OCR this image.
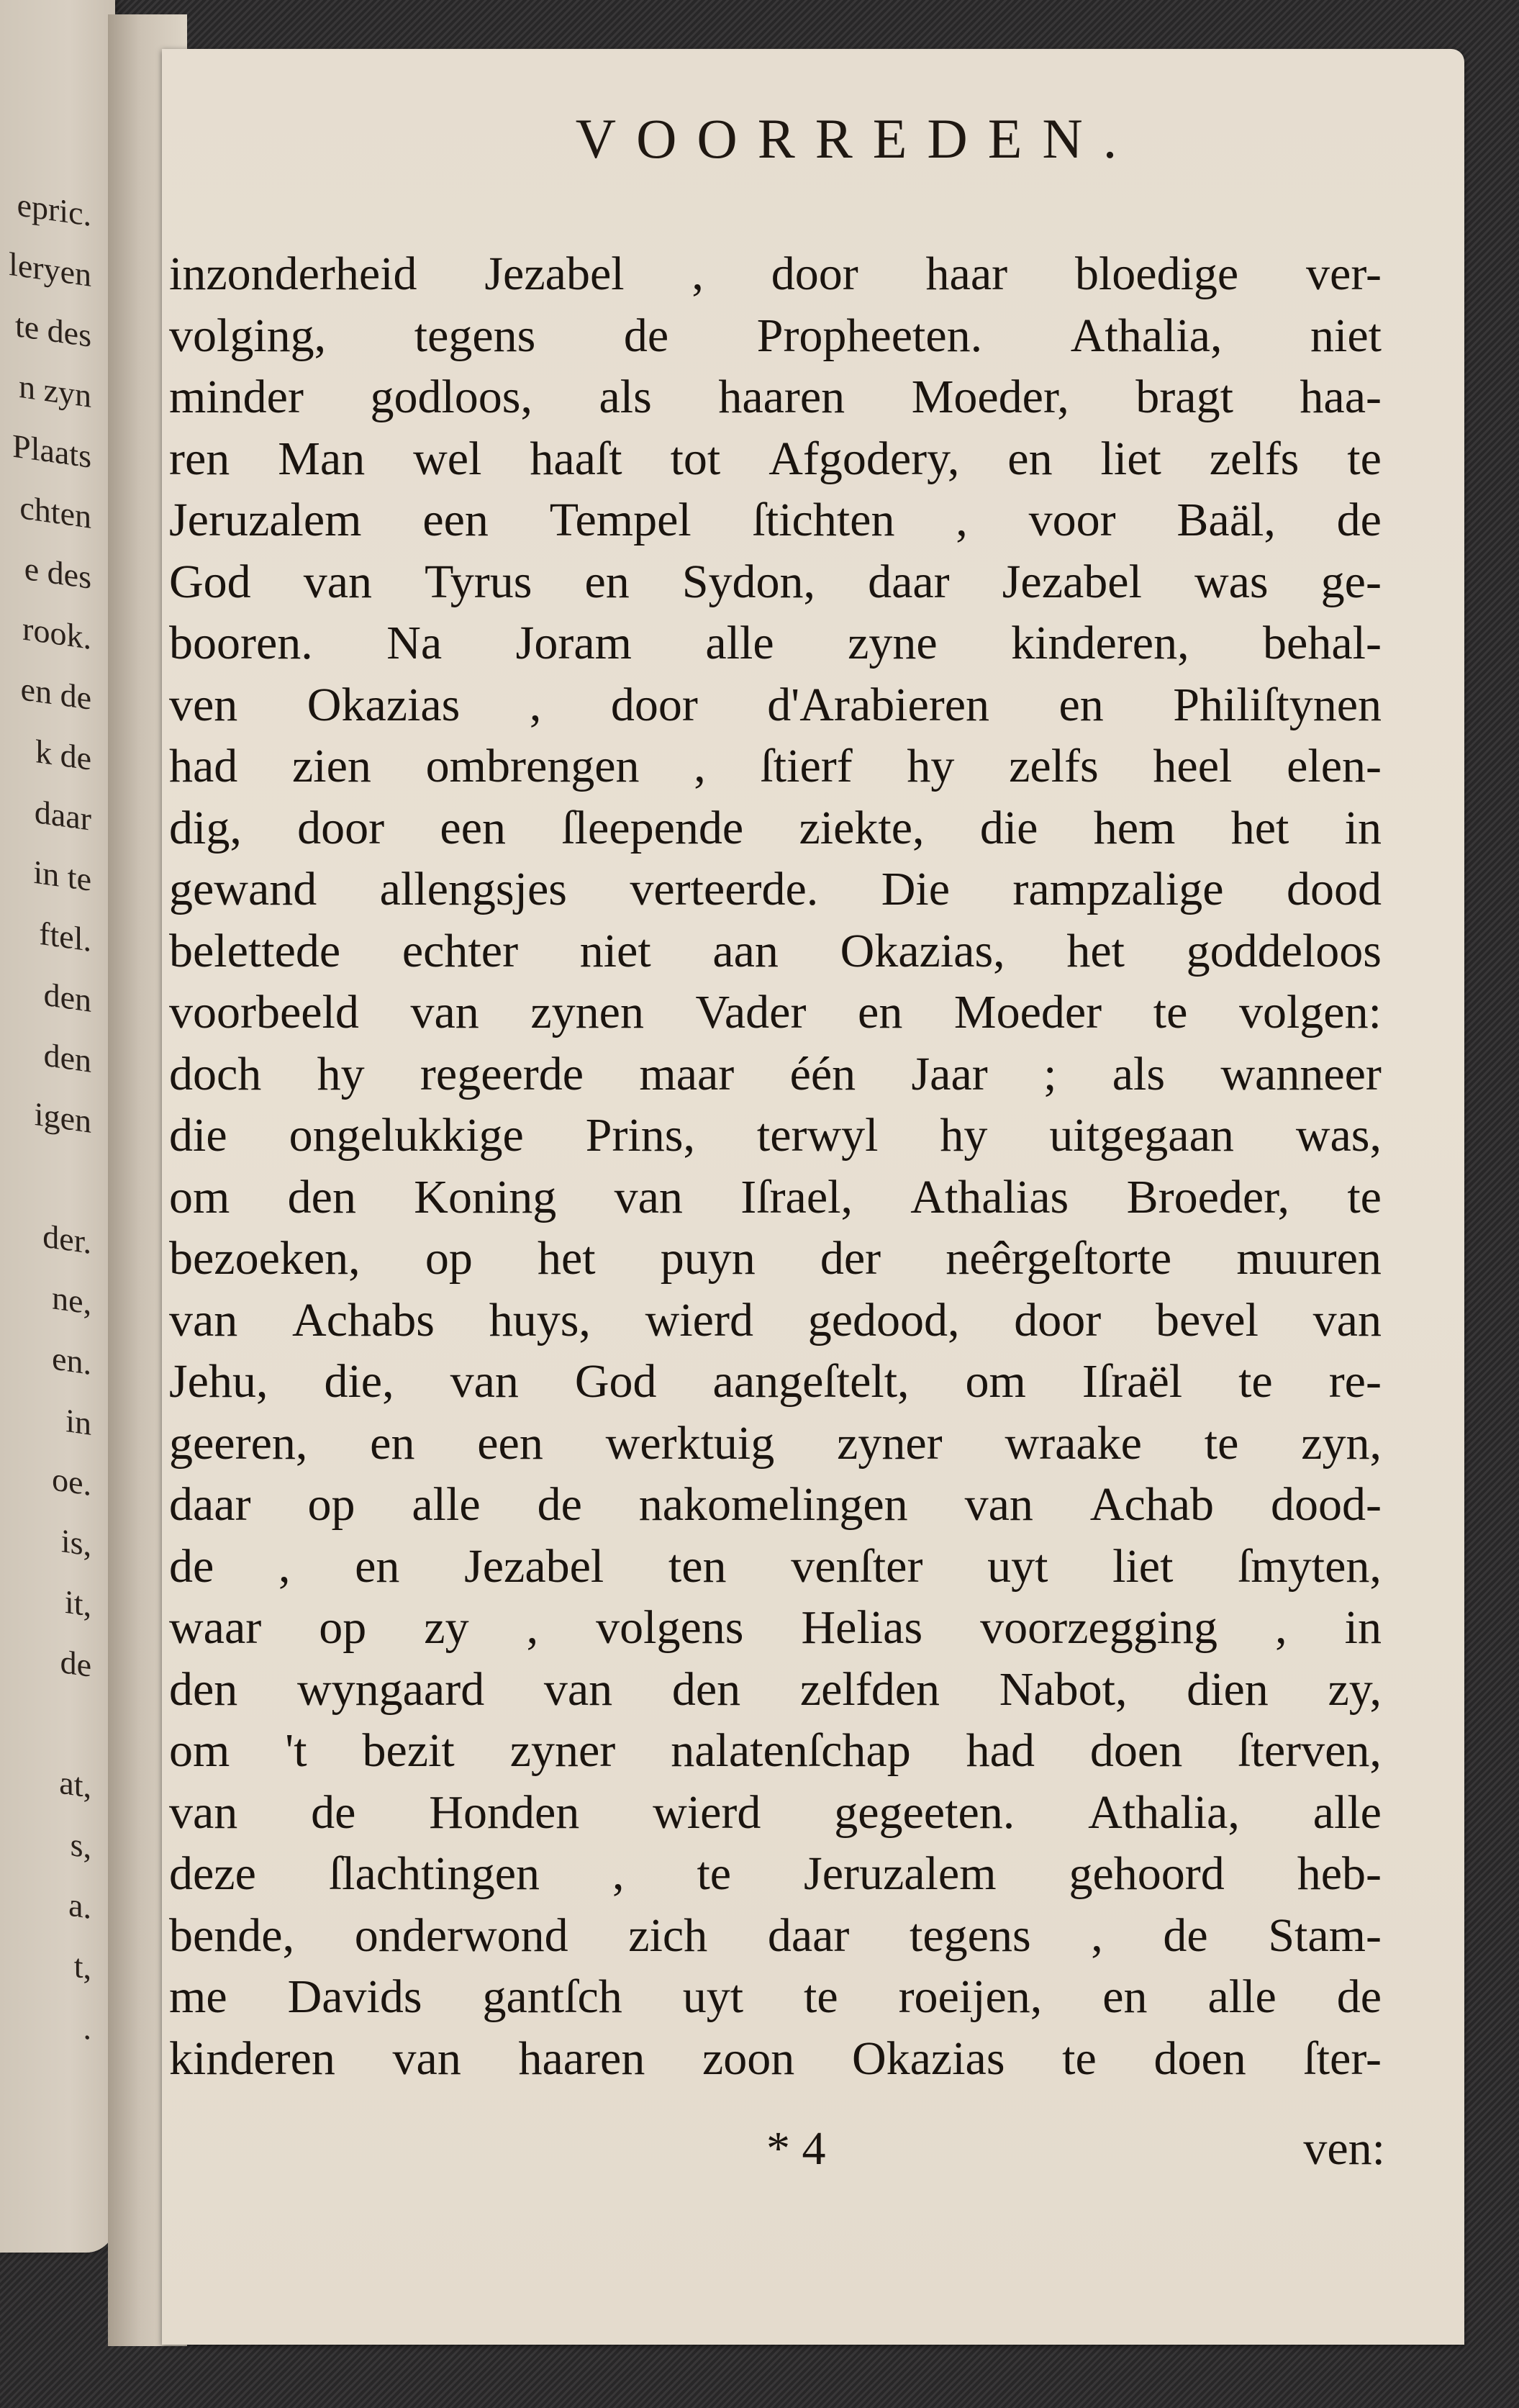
epric.
leryen
te des
n zyn
Plaats
chten
e des
rook.
en de
k de
daar
in te
ftel.
den
den
igen
der.
ne,
en.
in
oe.
is,
it,
de
at,
s,
a.
t,
.
VOORREDEN.
inzonderheid Jezabel , door haar bloedige ver-
volging, tegens de Propheeten. Athalia, niet
minder godloos, als haaren Moeder, bragt haa-
ren Man wel haaſt tot Afgodery, en liet zelfs te
Jeruzalem een Tempel ſtichten , voor Baäl, de
God van Tyrus en Sydon, daar Jezabel was ge-
booren. Na Joram alle zyne kinderen, behal-
ven Okazias , door d'Arabieren en Philiſtynen
had zien ombrengen , ſtierf hy zelfs heel elen-
dig, door een ſleepende ziekte, die hem het in
gewand allengsjes verteerde. Die rampzalige dood
belettede echter niet aan Okazias, het goddeloos
voorbeeld van zynen Vader en Moeder te volgen:
doch hy regeerde maar één Jaar ; als wanneer
die ongelukkige Prins, terwyl hy uitgegaan was,
om den Koning van Iſrael, Athalias Broeder, te
bezoeken, op het puyn der neêrgeſtorte muuren
van Achabs huys, wierd gedood, door bevel van
Jehu, die, van God aangeſtelt, om Iſraël te re-
geeren, en een werktuig zyner wraake te zyn,
daar op alle de nakomelingen van Achab dood-
de , en Jezabel ten venſter uyt liet ſmyten,
waar op zy , volgens Helias voorzegging , in
den wyngaard van den zelfden Nabot, dien zy,
om 't bezit zyner nalatenſchap had doen ſterven,
van de Honden wierd gegeeten. Athalia, alle
deze ſlachtingen , te Jeruzalem gehoord heb-
bende, onderwond zich daar tegens , de Stam-
me Davids gantſch uyt te roeijen, en alle de
kinderen van haaren zoon Okazias te doen ſter-
* 4	ven:
